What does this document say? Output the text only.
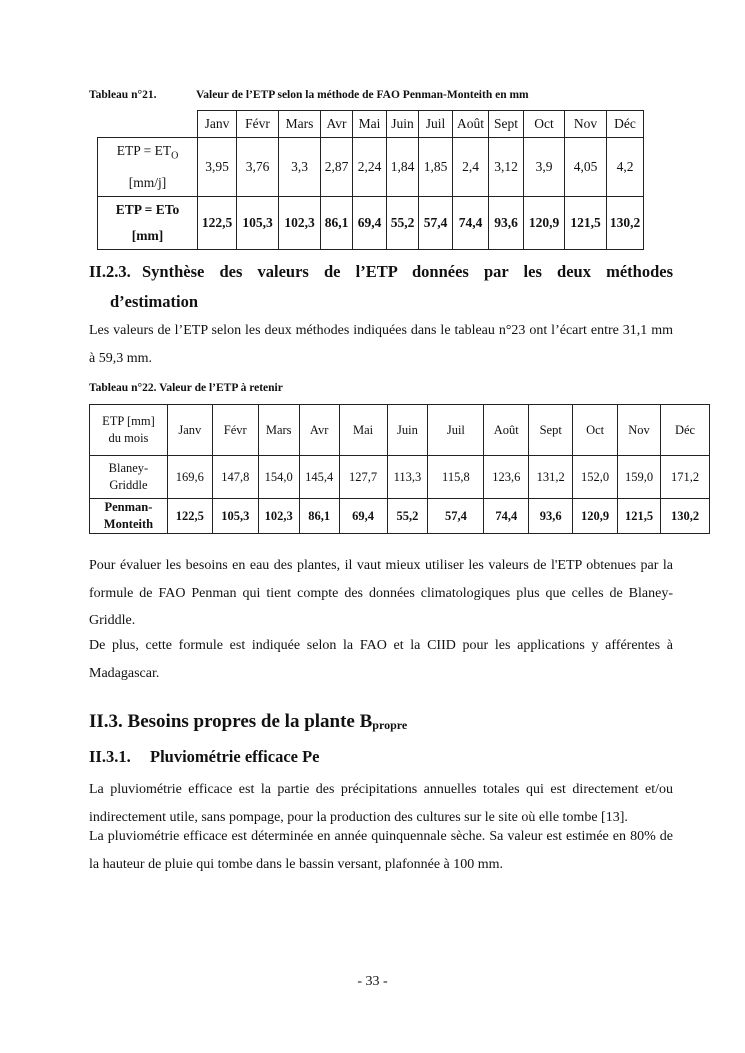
Tableau n°21.	Valeur de l’ETP selon la méthode de FAO Penman-Monteith en mm
	Janv	Févr	Mars	Avr	Mai	Juin	Juil	Août	Sept	Oct	Nov	Déc
ETP = $ET_O$
[mm/j]	3,95	3,76	3,3	2,87	2,24	1,84	1,85	2,4	3,12	3,9	4,05	4,2
ETP = ETo
[mm]	122,5	105,3	102,3	86,1	69,4	55,2	57,4	74,4	93,6	120,9	121,5	130,2
II.2.3. Synthèse des valeurs de l’ETP données par les deux méthodes
d’estimation
Les valeurs de l’ETP selon les deux méthodes indiquées dans le tableau n°23 ont l’écart entre 31,1 mm à 59,3 mm.
Tableau n°22. Valeur de l’ETP à retenir
ETP [mm]
du mois	Janv	Févr	Mars	Avr	Mai	Juin	Juil	Août	Sept	Oct	Nov	Déc
Blaney-
Griddle	169,6	147,8	154,0	145,4	127,7	113,3	115,8	123,6	131,2	152,0	159,0	171,2
Penman-
Monteith	122,5	105,3	102,3	86,1	69,4	55,2	57,4	74,4	93,6	120,9	121,5	130,2
Pour évaluer les besoins en eau des plantes, il vaut mieux utiliser les valeurs de l'ETP obtenues par la formule de FAO Penman qui tient compte des données climatologiques plus que celles de Blaney-Griddle.
De plus, cette formule est indiquée selon la FAO et la CIID pour les applications y afférentes à Madagascar.
II.3. Besoins propres de la plante $B_{propre}$
II.3.1. Pluviométrie efficace Pe
La pluviométrie efficace est la partie des précipitations annuelles totales qui est directement et/ou indirectement utile, sans pompage, pour la production des cultures sur le site où elle tombe [13].
La pluviométrie efficace est déterminée en année quinquennale sèche. Sa valeur est estimée en 80% de la hauteur de pluie qui tombe dans le bassin versant, plafonnée à 100 mm.
- 33 -
